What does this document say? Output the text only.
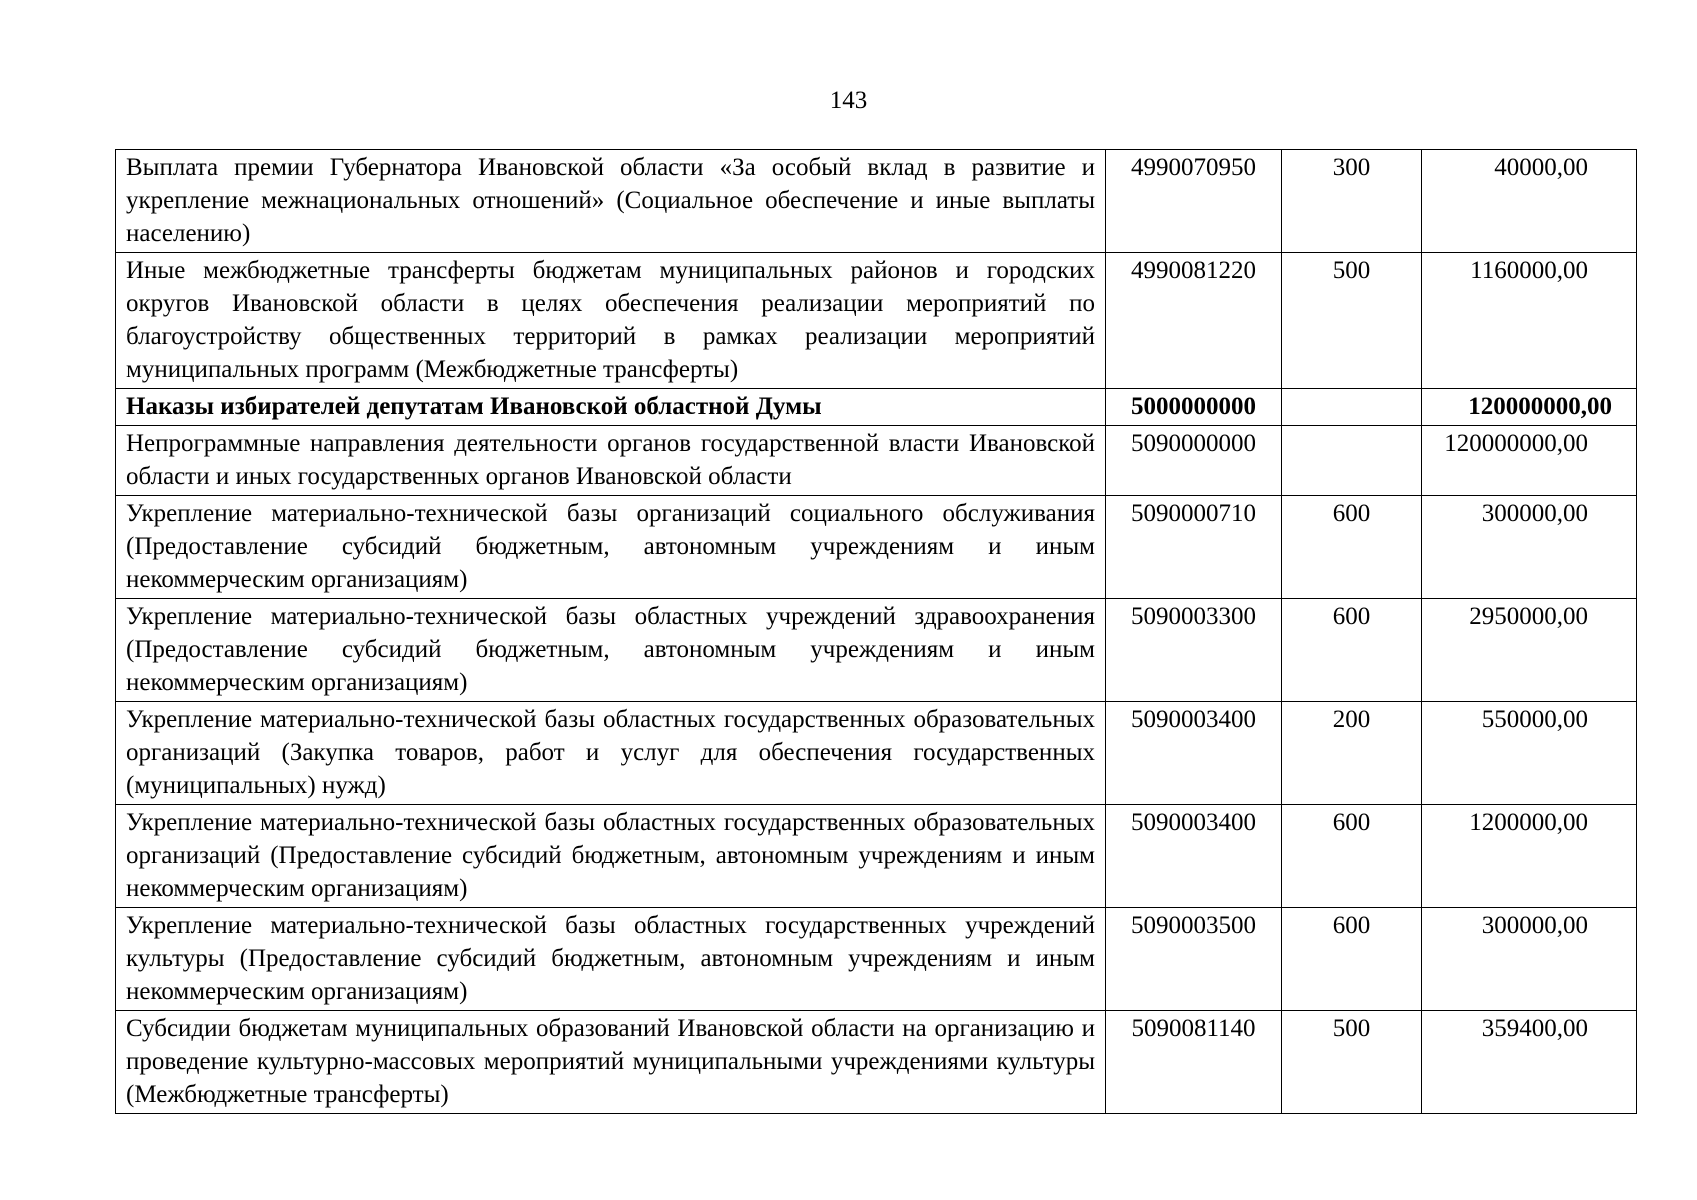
143
Выплата премии Губернатора Ивановской области «За особый вклад в развитие и укрепление межнациональных отношений» (Социальное обеспечение и иные выплаты населению)	4990070950	300	40000,00
Иные межбюджетные трансферты бюджетам муниципальных районов и городских округов Ивановской области в целях обеспечения реализации мероприятий по благоустройству общественных территорий в рамках реализации мероприятий муниципальных программ (Межбюджетные трансферты)	4990081220	500	1160000,00
Наказы избирателей депутатам Ивановской областной Думы	5000000000		120000000,00
Непрограммные направления деятельности органов государственной власти Ивановской области и иных государственных органов Ивановской области	5090000000		120000000,00
Укрепление материально-технической базы организаций социального обслуживания (Предоставление субсидий бюджетным, автономным учреждениям и иным некоммерческим организациям)	5090000710	600	300000,00
Укрепление материально-технической базы областных учреждений здравоохранения (Предоставление субсидий бюджетным, автономным учреждениям и иным некоммерческим организациям)	5090003300	600	2950000,00
Укрепление материально-технической базы областных государственных образовательных организаций (Закупка товаров, работ и услуг для обеспечения государственных (муниципальных) нужд)	5090003400	200	550000,00
Укрепление материально-технической базы областных государственных образовательных организаций (Предоставление субсидий бюджетным, автономным учреждениям и иным некоммерческим организациям)	5090003400	600	1200000,00
Укрепление материально-технической базы областных государственных учреждений культуры (Предоставление субсидий бюджетным, автономным учреждениям и иным некоммерческим организациям)	5090003500	600	300000,00
Субсидии бюджетам муниципальных образований Ивановской области на организацию и проведение культурно-массовых мероприятий муниципальными учреждениями культуры (Межбюджетные трансферты)	5090081140	500	359400,00
